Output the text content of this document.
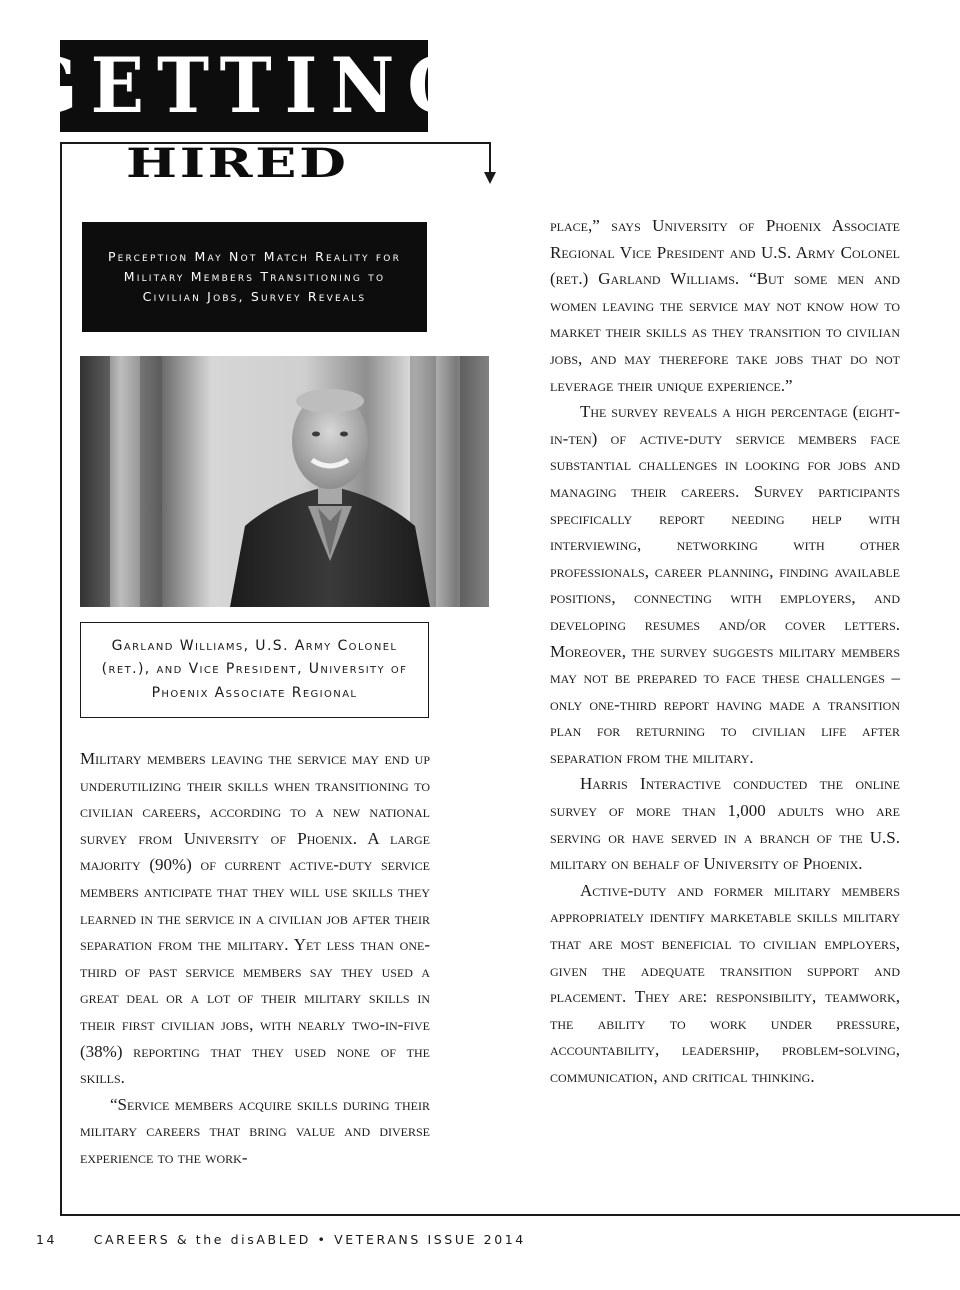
GETTING
HIRED
Perception May Not Match Reality for Military Members Transitioning to Civilian Jobs, Survey Reveals
Garland Williams, U.S. Army Colonel (ret.), and Vice President, University of Phoenix Associate Regional

Military members leaving the service may end up underutilizing their skills when transitioning to civilian careers, according to a new national survey from University of Phoenix. A large majority (90%) of current active-duty service members anticipate that they will use skills they learned in the service in a civilian job after their separation from the military. Yet less than one-third of past service members say they used a great deal or a lot of their military skills in their first civilian jobs, with nearly two-in-five (38%) reporting that they used none of the skills.

“Service members acquire skills during their military careers that bring value and diverse experience to the work-

place,” says University of Phoenix Associate Regional Vice President and U.S. Army Colonel (ret.) Garland Williams. “But some men and women leaving the service may not know how to market their skills as they transition to civilian jobs, and may therefore take jobs that do not leverage their unique experience.”

The survey reveals a high percentage (eight-in-ten) of active-duty service members face substantial challenges in looking for jobs and managing their careers. Survey participants specifically report needing help with interviewing, networking with other professionals, career planning, finding available positions, connecting with employers, and developing resumes and/or cover letters. Moreover, the survey suggests military members may not be prepared to face these challenges – only one-third report having made a transition plan for returning to civilian life after separation from the military.

Harris Interactive conducted the online survey of more than 1,000 adults who are serving or have served in a branch of the U.S. military on behalf of University of Phoenix.

Active-duty and former military members appropriately identify marketable skills military that are most beneficial to civilian employers, given the adequate transition support and placement. They are: responsibility, teamwork, the ability to work under pressure, accountability, leadership, problem-solving, communication, and critical thinking.

14	CAREERS & the disABLED • VETERANS ISSUE 2014
